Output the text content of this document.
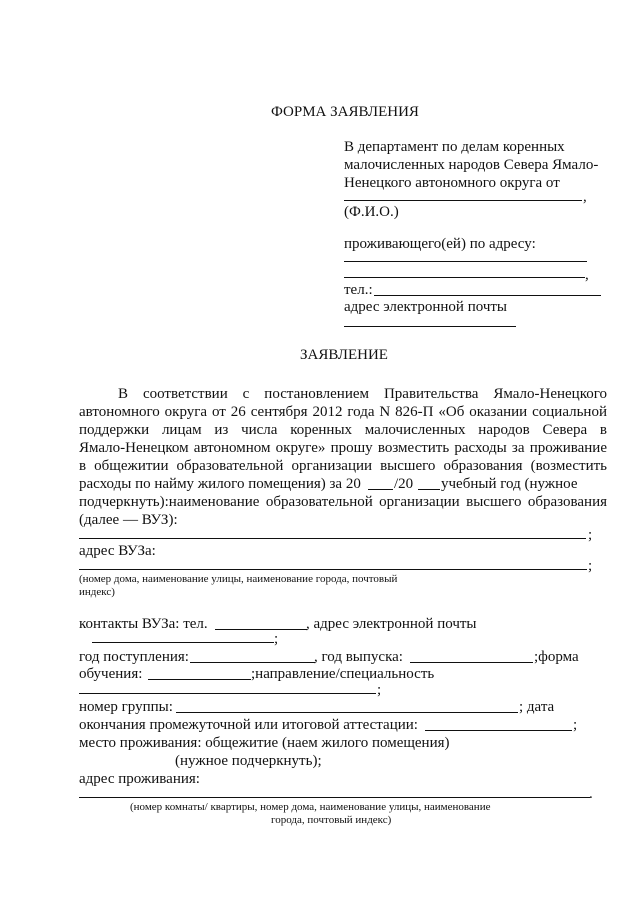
ФОРМА ЗАЯВЛЕНИЯ
В департамент по делам коренных
малочисленных народов Севера Ямало-
Ненецкого автономного округа от
,
(Ф.И.О.)
проживающего(ей) по адресу:
,
тел.:
адрес электронной почты
ЗАЯВЛЕНИЕ
В соответствии с постановлением Правительства Ямало-Ненецкого
автономного округа от 26 сентября 2012 года N 826-П «Об оказании социальной
поддержки лицам из числа коренных малочисленных народов Севера в
Ямало-Ненецком автономном округе» прошу возместить расходы за проживание
в общежитии образовательной организации высшего образования (возместить
расходы по найму жилого помещения) за 20 /20 учебный год (нужное
подчеркнуть):наименование образовательной организации высшего образования
(далее — ВУЗ):
;
адрес ВУЗа:
;
(номер дома, наименование улицы, наименование города, почтовый
индекс)
контакты ВУЗа: тел.	, адрес электронной почты
;
год поступления:	, год выпуска:	;форма
обучения:	;направление/специальность
;
номер группы:	; дата
окончания промежуточной или итоговой аттестации:	;
место проживания: общежитие (наем жилого помещения)
(нужное подчеркнуть);
адрес проживания:
.
(номер комнаты/ квартиры, номер дома, наименование улицы, наименование
города, почтовый индекс)
